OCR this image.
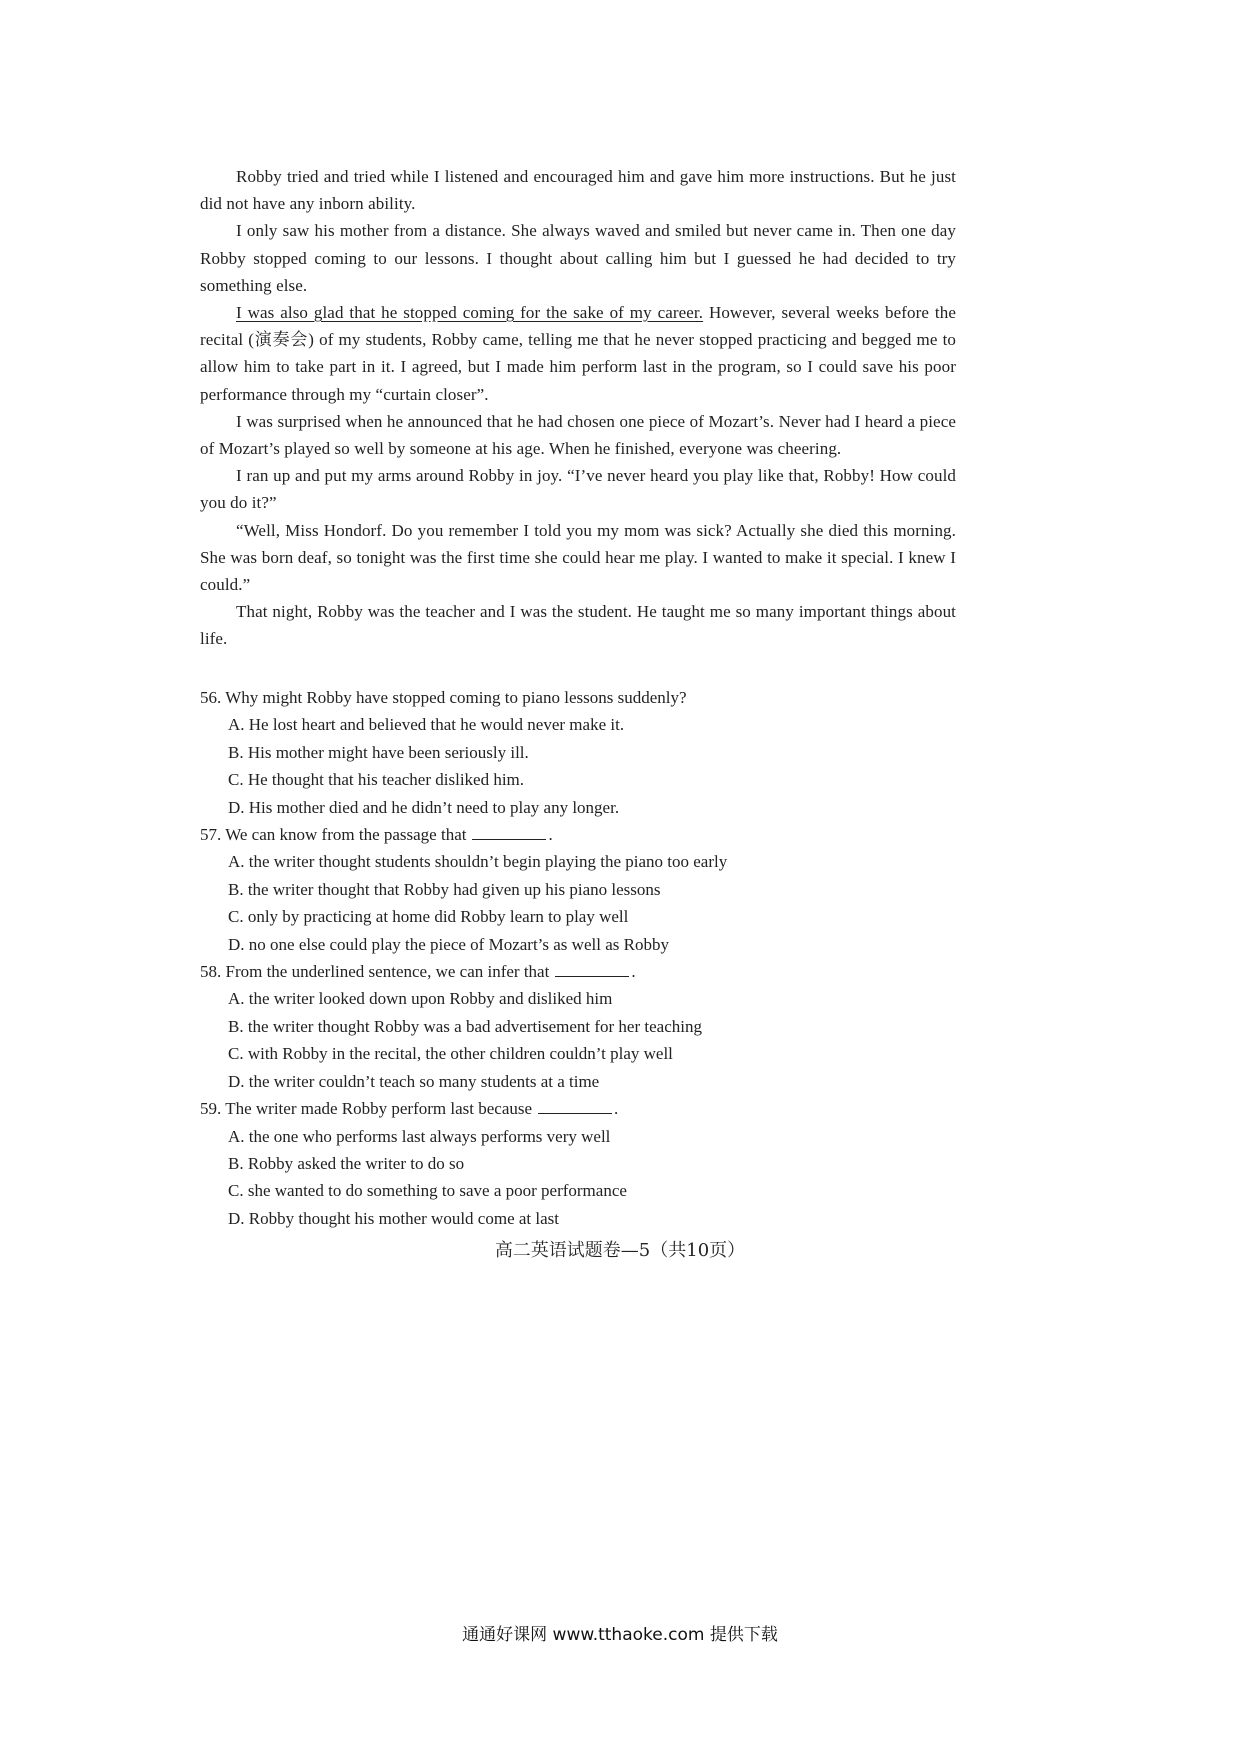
Robby tried and tried while I listened and encouraged him and gave him more instructions. But he just did not have any inborn ability.

I only saw his mother from a distance. She always waved and smiled but never came in. Then one day Robby stopped coming to our lessons. I thought about calling him but I guessed he had decided to try something else.

I was also glad that he stopped coming for the sake of my career. However, several weeks before the recital (演奏会) of my students, Robby came, telling me that he never stopped practicing and begged me to allow him to take part in it. I agreed, but I made him perform last in the program, so I could save his poor performance through my “curtain closer”.

I was surprised when he announced that he had chosen one piece of Mozart’s. Never had I heard a piece of Mozart’s played so well by someone at his age. When he finished, everyone was cheering.

I ran up and put my arms around Robby in joy. “I’ve never heard you play like that, Robby! How could you do it?”

“Well, Miss Hondorf. Do you remember I told you my mom was sick? Actually she died this morning. She was born deaf, so tonight was the first time she could hear me play. I wanted to make it special. I knew I could.”

That night, Robby was the teacher and I was the student. He taught me so many important things about life.

56. Why might Robby have stopped coming to piano lessons suddenly?

A. He lost heart and believed that he would never make it.

B. His mother might have been seriously ill.

C. He thought that his teacher disliked him.

D. His mother died and he didn’t need to play any longer.

57. We can know from the passage that	.

A. the writer thought students shouldn’t begin playing the piano too early

B. the writer thought that Robby had given up his piano lessons

C. only by practicing at home did Robby learn to play well

D. no one else could play the piece of Mozart’s as well as Robby

58. From the underlined sentence, we can infer that	.

A. the writer looked down upon Robby and disliked him

B. the writer thought Robby was a bad advertisement for her teaching

C. with Robby in the recital, the other children couldn’t play well

D. the writer couldn’t teach so many students at a time

59. The writer made Robby perform last because	.

A. the one who performs last always performs very well

B. Robby asked the writer to do so

C. she wanted to do something to save a poor performance

D. Robby thought his mother would come at last

高二英语试题卷—5（共10页）
通通好课网 www.tthaoke.com 提供下载
